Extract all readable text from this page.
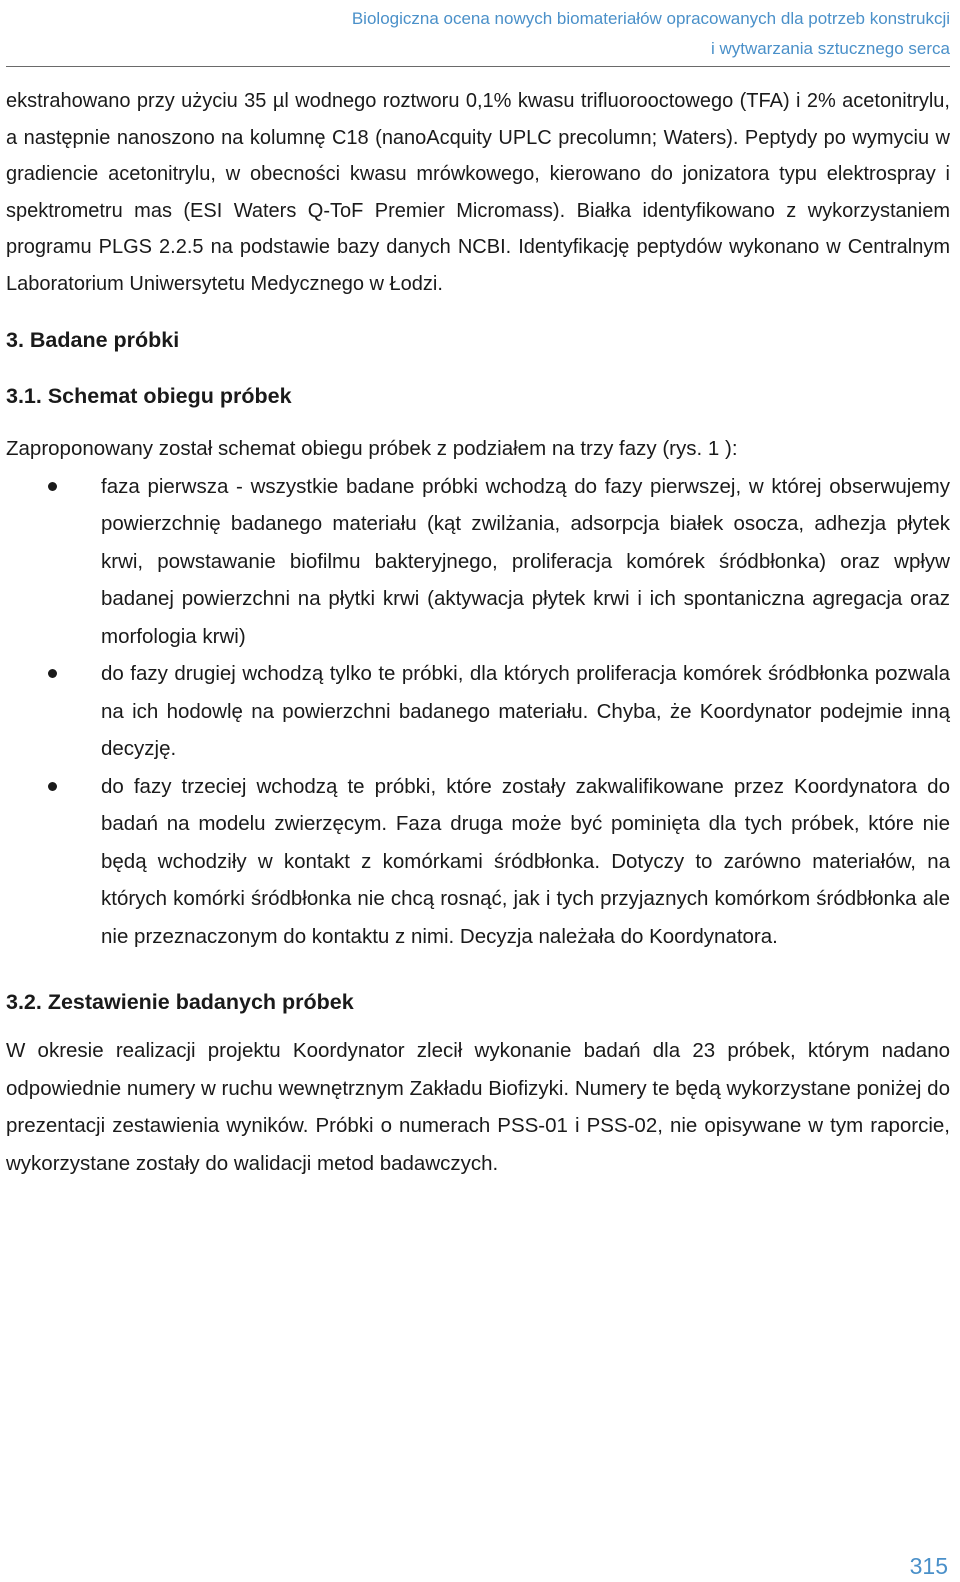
Biologiczna ocena nowych biomateriałów opracowanych dla potrzeb konstrukcji
i wytwarzania sztucznego serca

ekstrahowano przy użyciu 35 µl wodnego roztworu 0,1% kwasu trifluorooctowego (TFA) i 2% acetonitrylu, a następnie nanoszono na kolumnę C18 (nanoAcquity UPLC precolumn; Waters). Peptydy po wymyciu w gradiencie acetonitrylu, w obecności kwasu mrówkowego, kierowano do jonizatora typu elektrospray i spektrometru mas (ESI Waters Q-ToF Premier Micromass). Białka identyfikowano z wykorzystaniem programu PLGS 2.2.5 na podstawie bazy danych NCBI. Identyfikację peptydów wykonano w Centralnym Laboratorium Uniwersytetu Medycznego w Łodzi.

3. Badane próbki
3.1. Schemat obiegu próbek

Zaproponowany został schemat obiegu próbek z podziałem na trzy fazy (rys. 1 ):

faza pierwsza - wszystkie badane próbki wchodzą do fazy pierwszej, w której obserwujemy powierzchnię badanego materiału (kąt zwilżania, adsorpcja białek osocza, adhezja płytek krwi, powstawanie biofilmu bakteryjnego, proliferacja komórek śródbłonka) oraz wpływ badanej powierzchni na płytki krwi (aktywacja płytek krwi i ich spontaniczna agregacja oraz morfologia krwi)
do fazy drugiej wchodzą tylko te próbki, dla których proliferacja komórek śródbłonka pozwala na ich hodowlę na powierzchni badanego materiału. Chyba, że Koordynator podejmie inną decyzję.
do fazy trzeciej wchodzą te próbki, które zostały zakwalifikowane przez Koordynatora do badań na modelu zwierzęcym. Faza druga może być pominięta dla tych próbek, które nie będą wchodziły w kontakt z komórkami śródbłonka. Dotyczy to zarówno materiałów, na których komórki śródbłonka nie chcą rosnąć, jak i tych przyjaznych komórkom śródbłonka ale nie przeznaczonym do kontaktu z nimi. Decyzja należała do Koordynatora.
3.2. Zestawienie badanych próbek

W okresie realizacji projektu Koordynator zlecił wykonanie badań dla 23 próbek, którym nadano odpowiednie numery w ruchu wewnętrznym Zakładu Biofizyki. Numery te będą wykorzystane poniżej do prezentacji zestawienia wyników. Próbki o numerach PSS-01 i PSS-02, nie opisywane w tym raporcie, wykorzystane zostały do walidacji metod badawczych.

315
